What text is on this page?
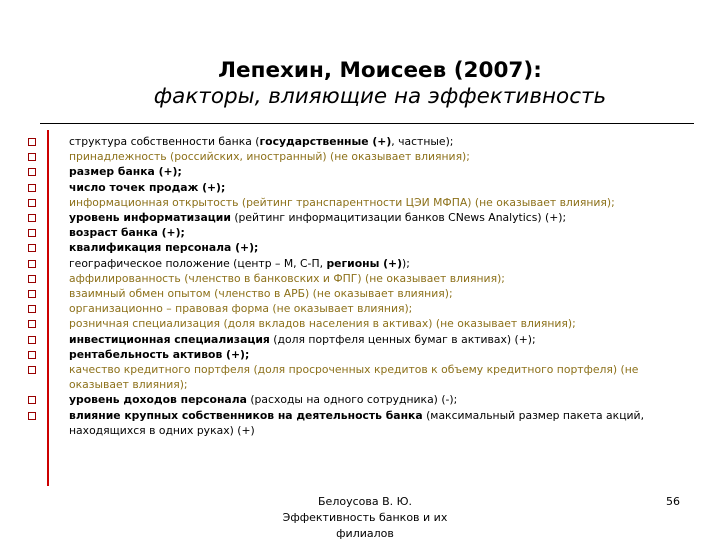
Лепехин, Моисеев (2007):
факторы, влияющие на эффективность
структура собственности банка (государственные (+), частные);
принадлежность (российских, иностранный) (не оказывает влияния);
размер банка (+);
число точек продаж (+);
информационная открытость (рейтинг транспарентности ЦЭИ МФПА) (не оказывает влияния);
уровень информатизации (рейтинг информацитизации банков CNews Analytics) (+);
возраст банка (+);
квалификация персонала (+);
географическое положение (центр – М, С-П, регионы (+));
аффилированность (членство в банковских и ФПГ) (не оказывает влияния);
взаимный обмен опытом (членство в АРБ) (не оказывает влияния);
организационно – правовая форма (не оказывает влияния);
розничная специализация (доля вкладов населения в активах) (не оказывает влияния);
инвестиционная специализация (доля портфеля ценных бумаг в активах) (+);
рентабельность активов (+);
качество кредитного портфеля (доля просроченных кредитов к объему кредитного портфеля) (не оказывает влияния);
уровень доходов персонала (расходы на одного сотрудника) (-);
влияние крупных собственников на деятельность банка (максимальный размер пакета акций, находящихся в одних руках) (+)
Белоусова В. Ю.
Эффективность банков и их
филиалов
56
